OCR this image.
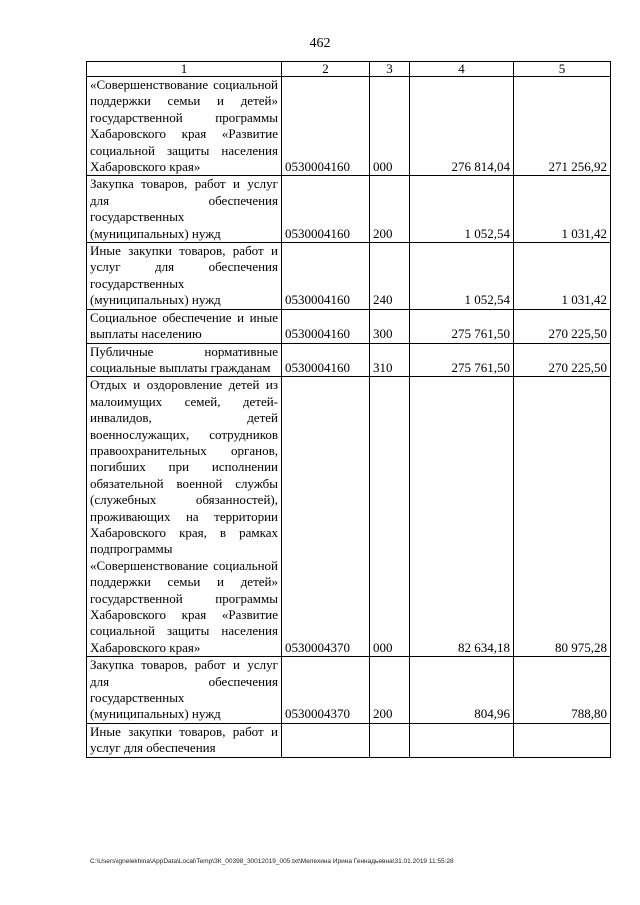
462
1	2	3	4	5
«Совершенствование социальной поддержки семьи и детей» государственной программы Хабаровского края «Развитие социальной защиты населения Хабаровского края»	0530004160	000	276 814,04	271 256,92
Закупка товаров, работ и услуг для обеспечения государственных (муниципальных) нужд	0530004160	200	1 052,54	1 031,42
Иные закупки товаров, работ и услуг для обеспечения государственных (муниципальных) нужд	0530004160	240	1 052,54	1 031,42
Социальное обеспечение и иные выплаты населению	0530004160	300	275 761,50	270 225,50
Публичные нормативные социальные выплаты гражданам	0530004160	310	275 761,50	270 225,50
Отдых и оздоровление детей из малоимущих семей, детей-инвалидов, детей военнослужащих, сотрудников правоохранительных органов, погибших при исполнении обязательной военной службы (служебных обязанностей), проживающих на территории Хабаровского края, в рамках подпрограммы «Совершенствование социальной поддержки семьи и детей» государственной программы Хабаровского края «Развитие социальной защиты населения Хабаровского края»	0530004370	000	82 634,18	80 975,28
Закупка товаров, работ и услуг для обеспечения государственных (муниципальных) нужд	0530004370	200	804,96	788,80
Иные закупки товаров, работ и услуг для обеспечения				
C:\Users\ignelekhina\AppData\Local\Temp\ЗК_00398_30012019_005.txt\Мелехина Ирина Геннадьевна\31.01.2019 11:55:28
